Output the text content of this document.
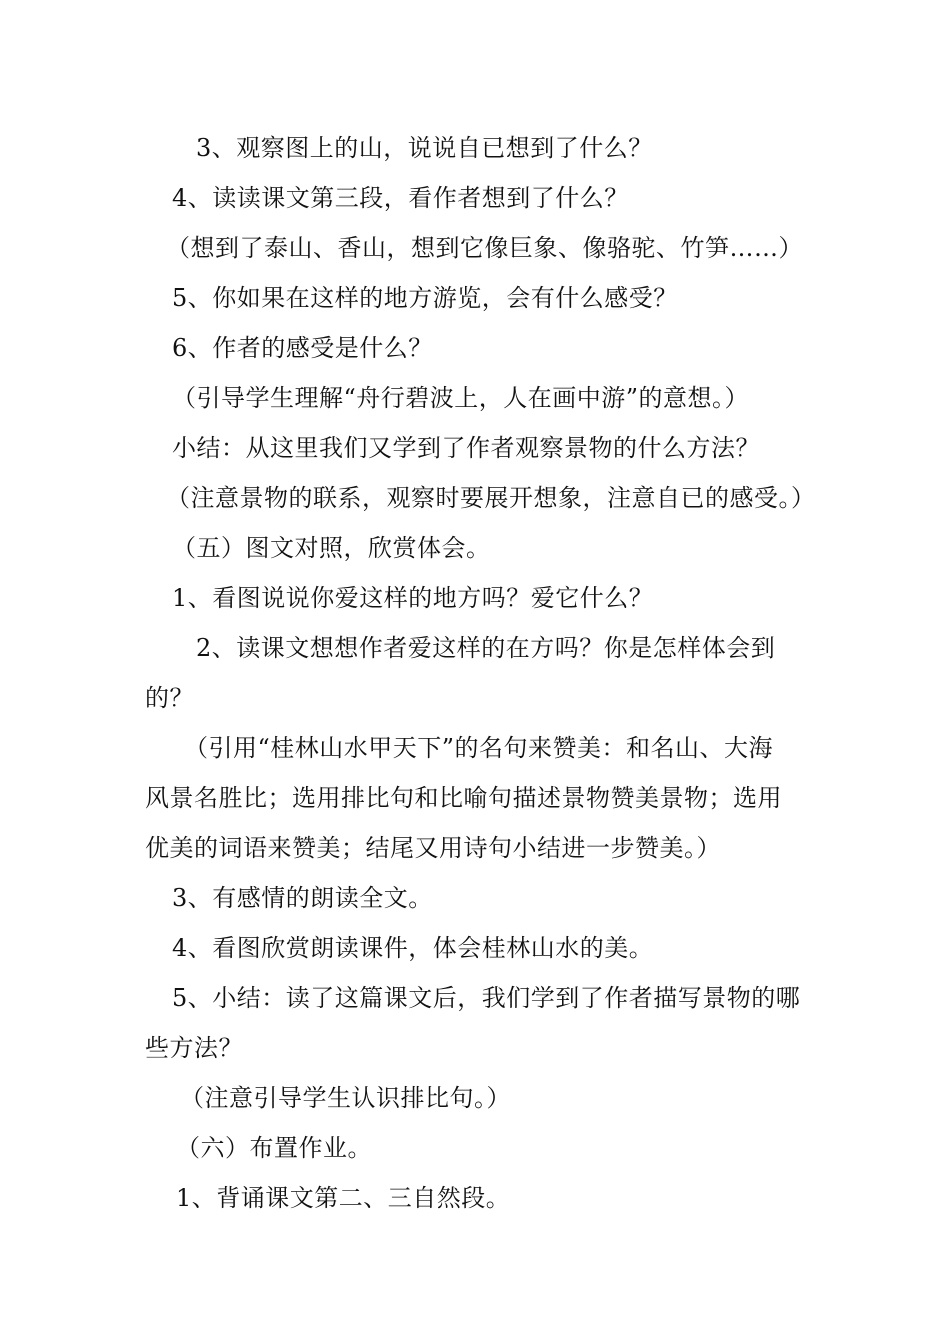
3、观察图上的山，说说自已想到了什么？
4、读读课文第三段，看作者想到了什么？
（想到了泰山、香山，想到它像巨象、像骆驼、竹笋……）
5、你如果在这样的地方游览，会有什么感受？
6、作者的感受是什么？
（引导学生理解“舟行碧波上，人在画中游”的意想。）
小结：从这里我们又学到了作者观察景物的什么方法？
（注意景物的联系，观察时要展开想象，注意自已的感受。）
（五）图文对照，欣赏体会。
1、看图说说你爱这样的地方吗？爱它什么？
2、读课文想想作者爱这样的在方吗？你是怎样体会到
的？
（引用“桂林山水甲天下”的名句来赞美：和名山、大海
风景名胜比；选用排比句和比喻句描述景物赞美景物；选用
优美的词语来赞美；结尾又用诗句小结进一步赞美。）
3、有感情的朗读全文。
4、看图欣赏朗读课件，体会桂林山水的美。
5、小结：读了这篇课文后，我们学到了作者描写景物的哪
些方法？
（注意引导学生认识排比句。）
（六）布置作业。
1、背诵课文第二、三自然段。
